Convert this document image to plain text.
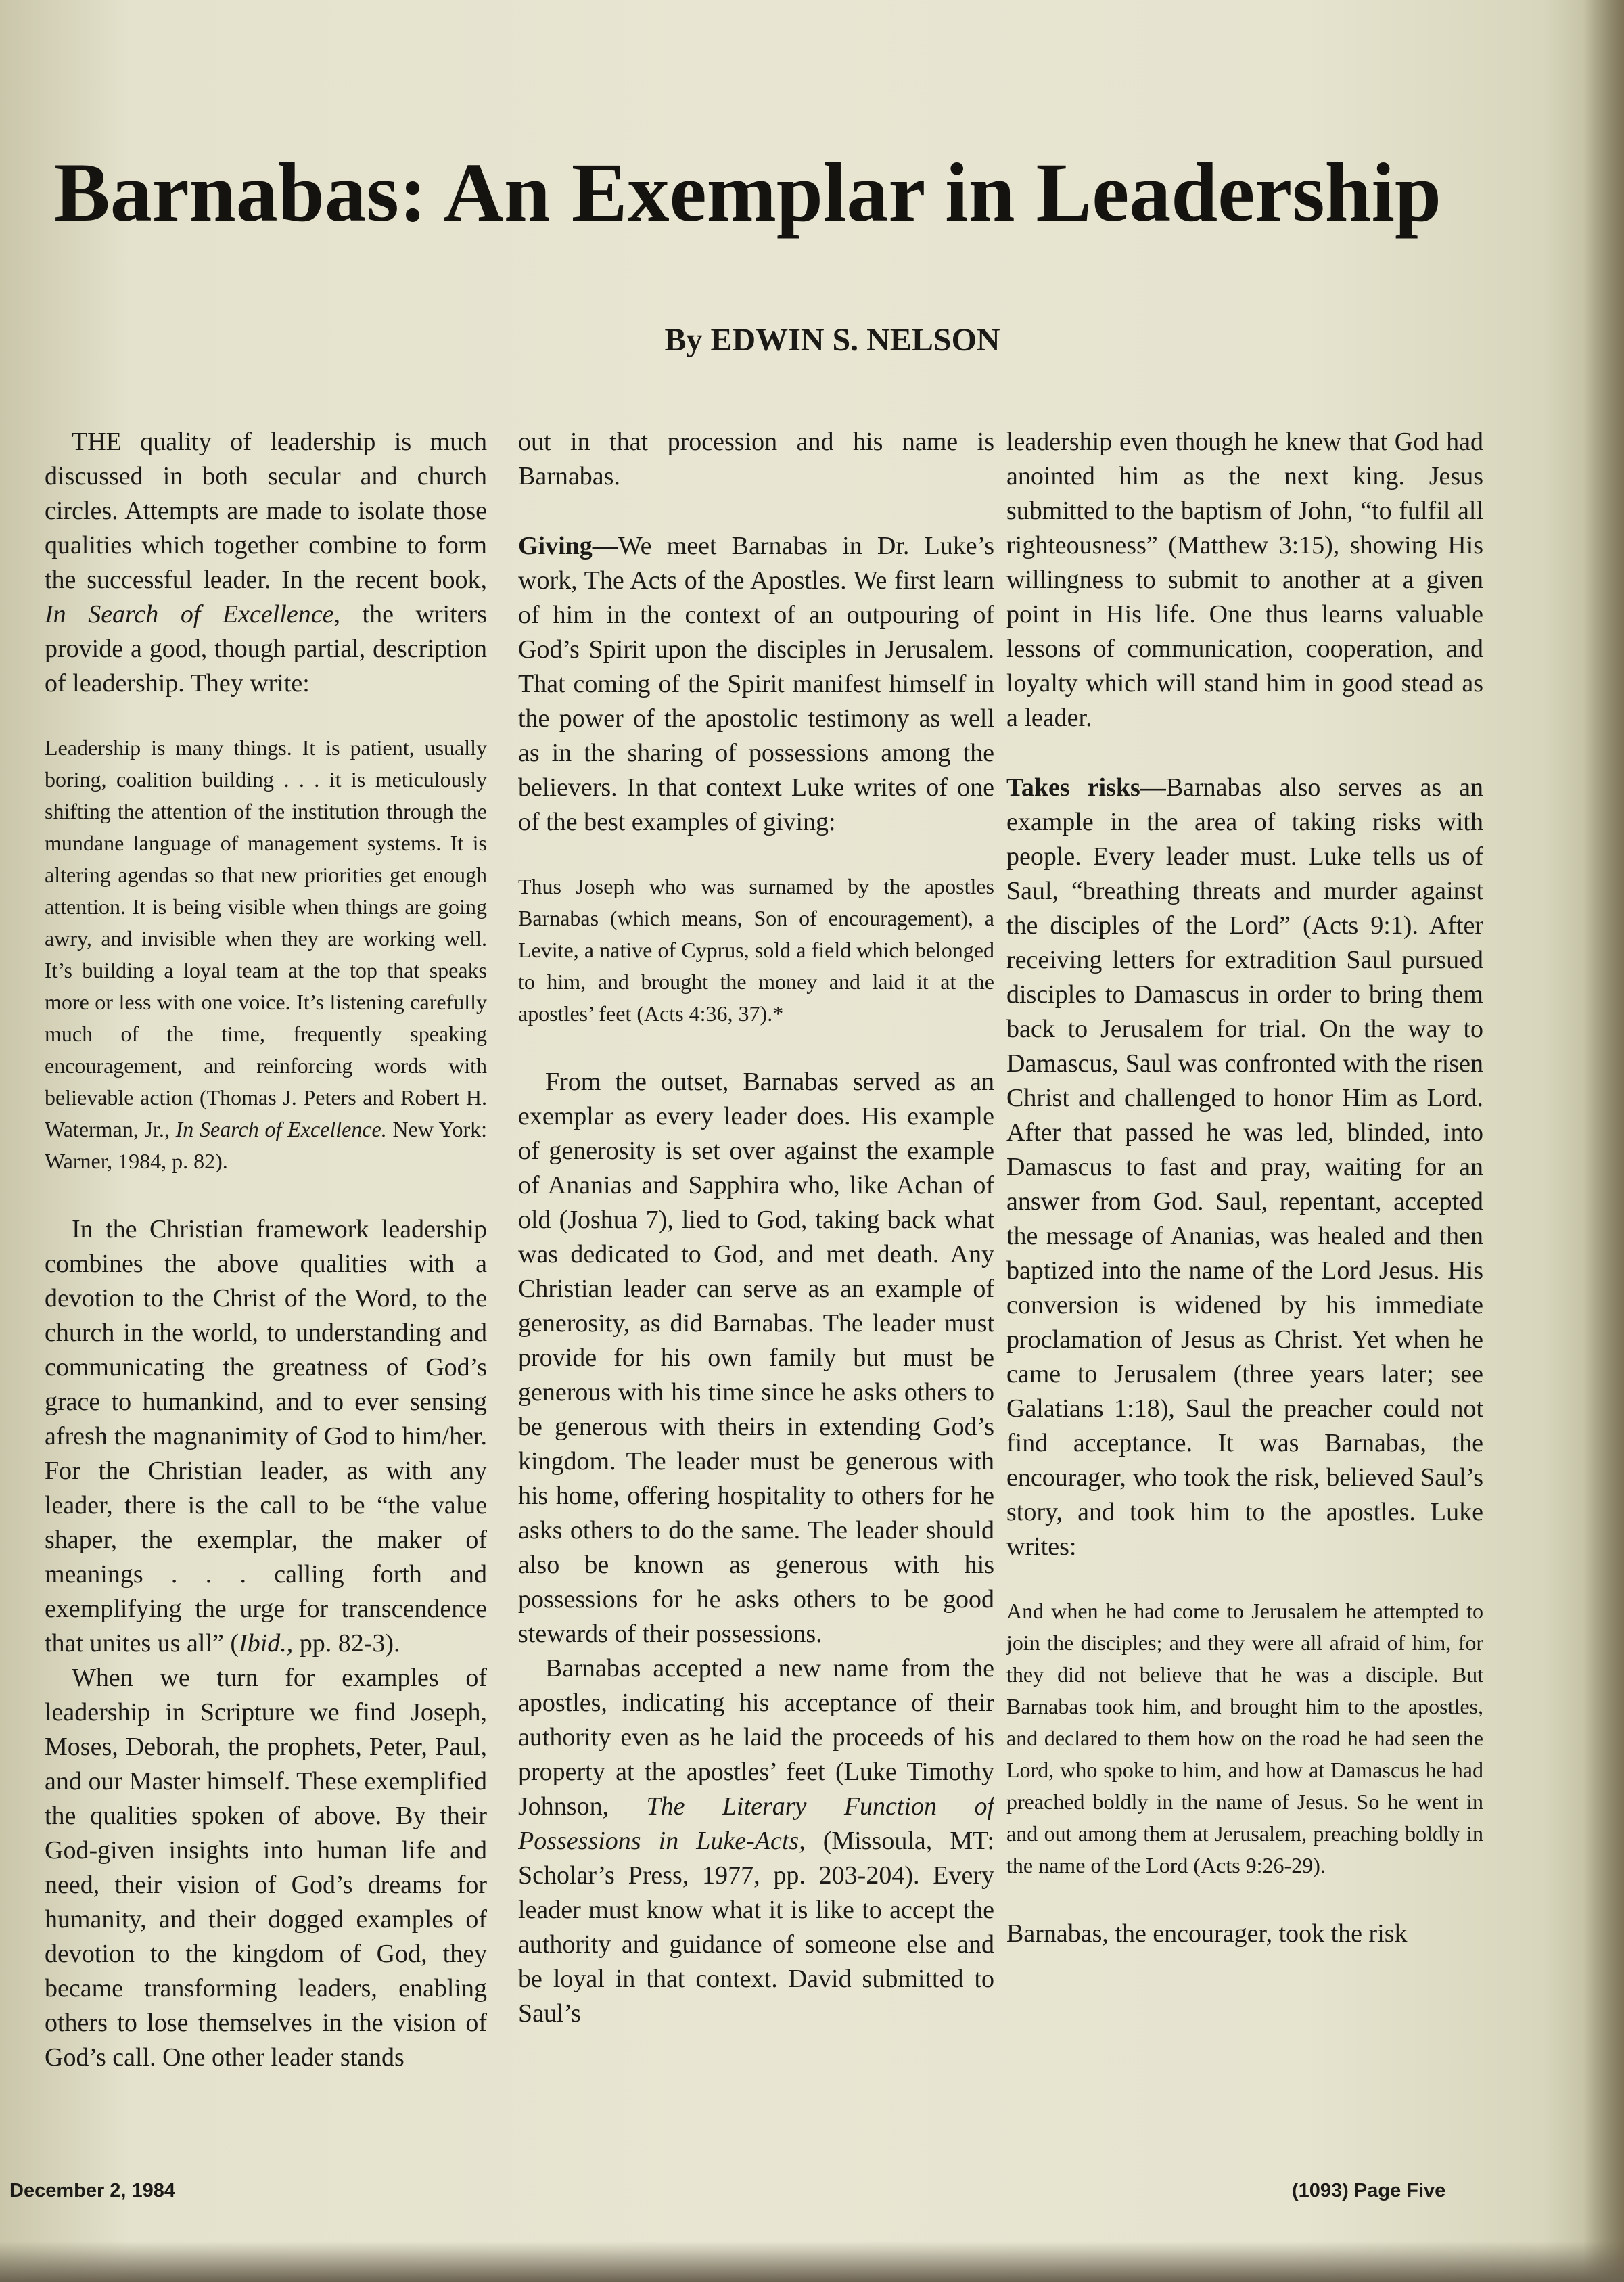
Barnabas: An Exemplar in Leadership
By EDWIN S. NELSON

THE quality of leadership is much discussed in both secular and church circles. Attempts are made to isolate those qualities which together combine to form the successful leader. In the recent book, In Search of Excellence, the writers provide a good, though partial, description of leadership. They write:

Leadership is many things. It is patient, usually boring, coalition building . . . it is meticulously shifting the attention of the institution through the mundane language of management systems. It is altering agendas so that new priorities get enough attention. It is being visible when things are going awry, and invisible when they are working well. It’s building a loyal team at the top that speaks more or less with one voice. It’s listening carefully much of the time, frequently speaking encouragement, and reinforcing words with believable action (Thomas J. Peters and Robert H. Waterman, Jr., In Search of Excellence. New York: Warner, 1984, p. 82).

In the Christian framework leadership combines the above qualities with a devotion to the Christ of the Word, to the church in the world, to understanding and communicating the greatness of God’s grace to humankind, and to ever sensing afresh the magnanimity of God to him/her. For the Christian leader, as with any leader, there is the call to be “the value shaper, the exemplar, the maker of meanings . . . calling forth and exemplifying the urge for transcendence that unites us all” (Ibid., pp. 82-3).

When we turn for examples of leadership in Scripture we find Joseph, Moses, Deborah, the prophets, Peter, Paul, and our Master himself. These exemplified the qualities spoken of above. By their God-given insights into human life and need, their vision of God’s dreams for humanity, and their dogged examples of devotion to the kingdom of God, they became transforming leaders, enabling others to lose themselves in the vision of God’s call. One other leader stands

out in that procession and his name is Barnabas.

Giving—We meet Barnabas in Dr. Luke’s work, The Acts of the Apostles. We first learn of him in the context of an outpouring of God’s Spirit upon the disciples in Jerusalem. That coming of the Spirit manifest himself in the power of the apostolic testimony as well as in the sharing of possessions among the believers. In that context Luke writes of one of the best examples of giving:

Thus Joseph who was surnamed by the apostles Barnabas (which means, Son of encouragement), a Levite, a native of Cyprus, sold a field which belonged to him, and brought the money and laid it at the apostles’ feet (Acts 4:36, 37).*

From the outset, Barnabas served as an exemplar as every leader does. His example of generosity is set over against the example of Ananias and Sapphira who, like Achan of old (Joshua 7), lied to God, taking back what was dedicated to God, and met death. Any Christian leader can serve as an example of generosity, as did Barnabas. The leader must provide for his own family but must be generous with his time since he asks others to be generous with theirs in extending God’s kingdom. The leader must be generous with his home, offering hospitality to others for he asks others to do the same. The leader should also be known as generous with his possessions for he asks others to be good stewards of their possessions.

Barnabas accepted a new name from the apostles, indicating his acceptance of their authority even as he laid the proceeds of his property at the apostles’ feet (Luke Timothy Johnson, The Literary Function of Possessions in Luke-Acts, (Missoula, MT: Scholar’s Press, 1977, pp. 203-204). Every leader must know what it is like to accept the authority and guidance of someone else and be loyal in that context. David submitted to Saul’s

leadership even though he knew that God had anointed him as the next king. Jesus submitted to the baptism of John, “to fulfil all righteousness” (Matthew 3:15), showing His willingness to submit to another at a given point in His life. One thus learns valuable lessons of communication, cooperation, and loyalty which will stand him in good stead as a leader.

Takes risks—Barnabas also serves as an example in the area of taking risks with people. Every leader must. Luke tells us of Saul, “breathing threats and murder against the disciples of the Lord” (Acts 9:1). After receiving letters for extradition Saul pursued disciples to Damascus in order to bring them back to Jerusalem for trial. On the way to Damascus, Saul was confronted with the risen Christ and challenged to honor Him as Lord. After that passed he was led, blinded, into Damascus to fast and pray, waiting for an answer from God. Saul, repentant, accepted the message of Ananias, was healed and then baptized into the name of the Lord Jesus. His conversion is widened by his immediate proclamation of Jesus as Christ. Yet when he came to Jerusalem (three years later; see Galatians 1:18), Saul the preacher could not find acceptance. It was Barnabas, the encourager, who took the risk, believed Saul’s story, and took him to the apostles. Luke writes:

And when he had come to Jerusalem he attempted to join the disciples; and they were all afraid of him, for they did not believe that he was a disciple. But Barnabas took him, and brought him to the apostles, and declared to them how on the road he had seen the Lord, who spoke to him, and how at Damascus he had preached boldly in the name of Jesus. So he went in and out among them at Jerusalem, preaching boldly in the name of the Lord (Acts 9:26-29).

Barnabas, the encourager, took the risk

December 2, 1984	(1093) Page Five
